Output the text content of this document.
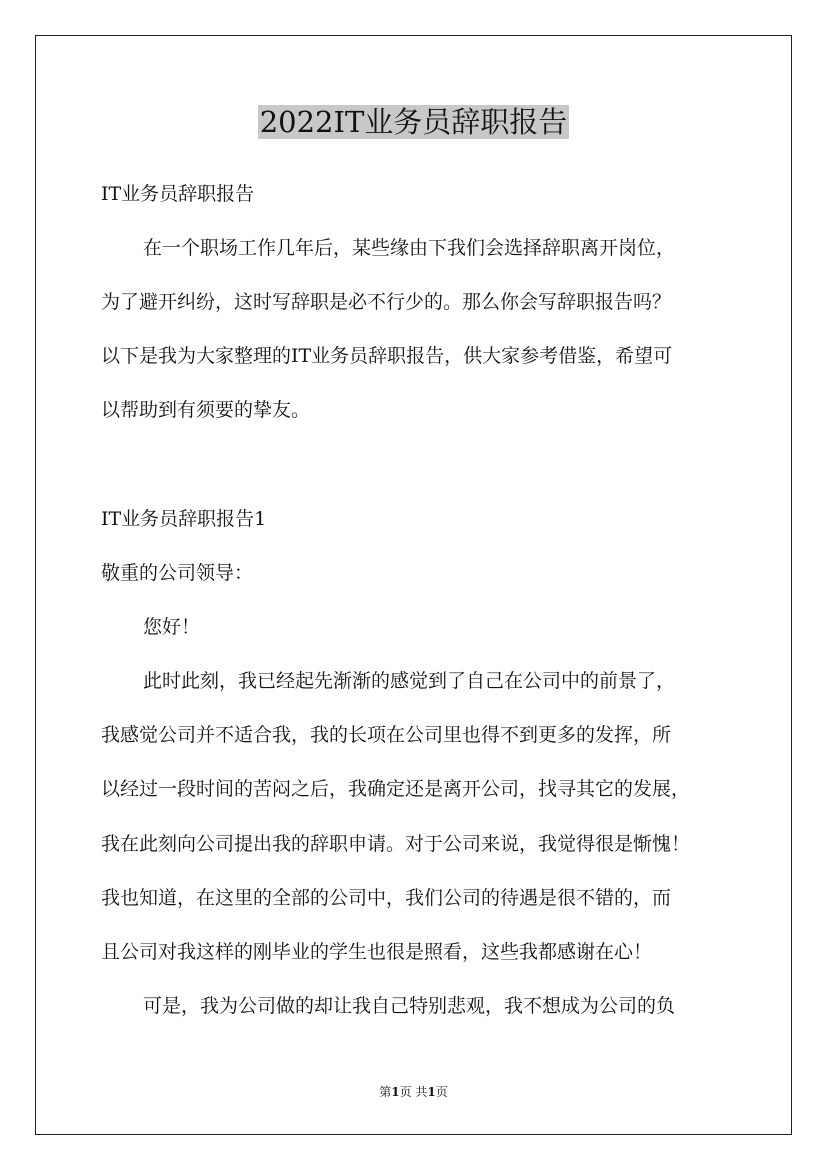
2022IT业务员辞职报告

IT业务员辞职报告

在一个职场工作几年后，某些缘由下我们会选择辞职离开岗位，

为了避开纠纷，这时写辞职是必不行少的。那么你会写辞职报告吗？

以下是我为大家整理的IT业务员辞职报告，供大家参考借鉴，希望可

以帮助到有须要的挚友。

IT业务员辞职报告1

敬重的公司领导：

您好！

此时此刻，我已经起先渐渐的感觉到了自己在公司中的前景了，

我感觉公司并不适合我，我的长项在公司里也得不到更多的发挥，所

以经过一段时间的苦闷之后，我确定还是离开公司，找寻其它的发展，

我在此刻向公司提出我的辞职申请。对于公司来说，我觉得很是惭愧！

我也知道，在这里的全部的公司中，我们公司的待遇是很不错的，而

且公司对我这样的刚毕业的学生也很是照看，这些我都感谢在心！

可是，我为公司做的却让我自己特别悲观，我不想成为公司的负

第1页 共1页
